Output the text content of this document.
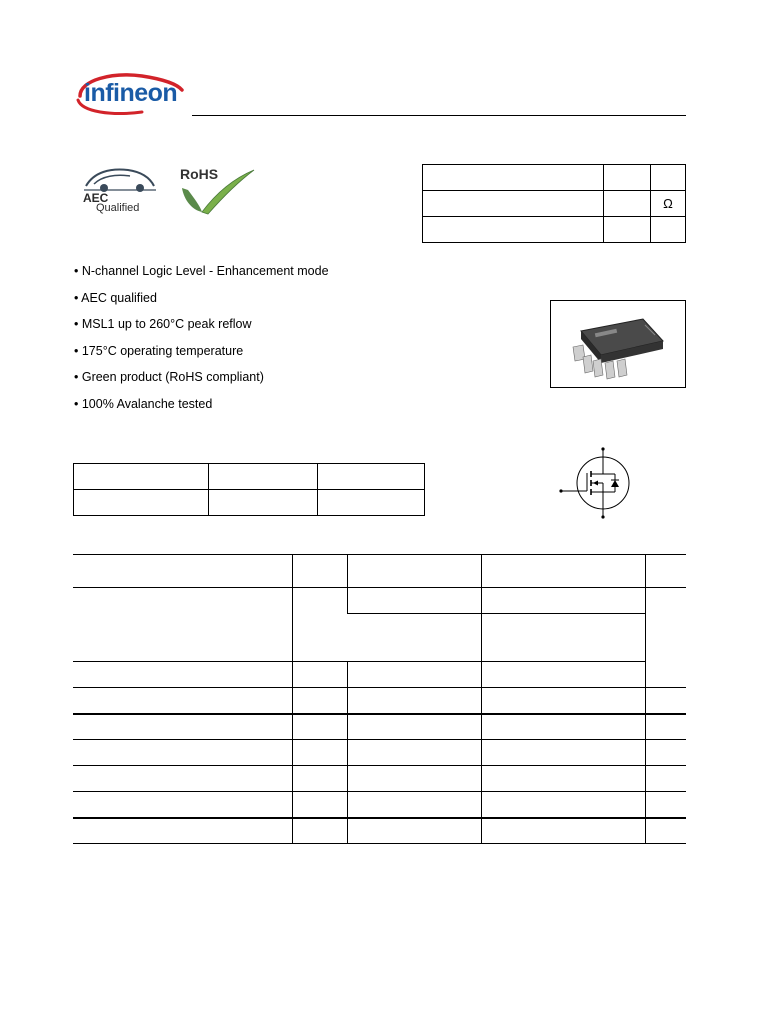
infineon
AEC
Qualified
RoHS

		Ω

• N-channel Logic Level - Enhancement mode
• AEC qualified
• MSL1 up to 260°C peak reflow
• 175°C operating temperature
• Green product (RoHS compliant)
• 100% Avalanche tested
